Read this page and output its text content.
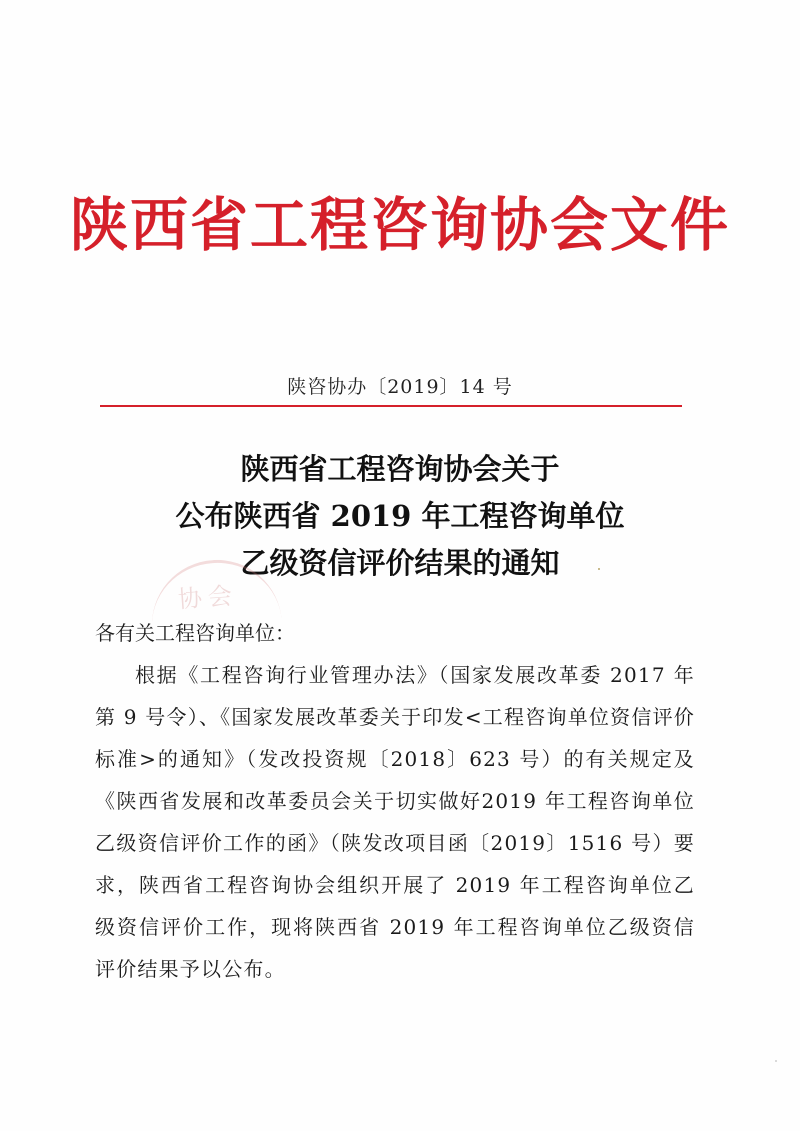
陕西省工程咨询协会文件
陕咨协办〔2019〕14 号
陕西省工程咨询协会关于
公布陕西省 2019 年工程咨询单位
乙级资信评价结果的通知
协会
各有关工程咨询单位：
根据《工程咨询行业管理办法》（国家发展改革委 2017 年第 9 号令）、《国家发展改革委关于印发<工程咨询单位资信评价标准>的通知》（发改投资规〔2018〕623 号）的有关规定及《陕西省发展和改革委员会关于切实做好2019 年工程咨询单位乙级资信评价工作的函》（陕发改项目函〔2019〕1516 号）要求，陕西省工程咨询协会组织开展了 2019 年工程咨询单位乙级资信评价工作，现将陕西省 2019 年工程咨询单位乙级资信评价结果予以公布。
